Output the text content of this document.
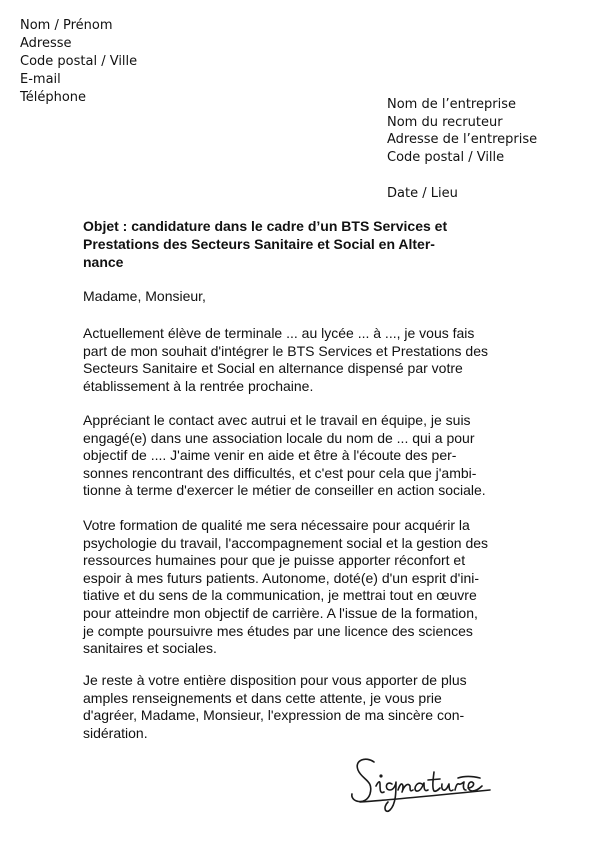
Nom / Prénom
Adresse
Code postal / Ville
E-mail
Téléphone	Nom de l’entreprise
Nom du recruteur
Adresse de l’entreprise
Code postal / Ville
Date / Lieu
Objet : candidature dans le cadre d’un BTS Services et
Prestations des Secteurs Sanitaire et Social en Alter-
nance
Madame, Monsieur,
Actuellement élève de terminale ... au lycée ... à ..., je vous fais
part de mon souhait d'intégrer le BTS Services et Prestations des
Secteurs Sanitaire et Social en alternance dispensé par votre
établissement à la rentrée prochaine.
Appréciant le contact avec autrui et le travail en équipe, je suis
engagé(e) dans une association locale du nom de ... qui a pour
objectif de .... J'aime venir en aide et être à l'écoute des per-
sonnes rencontrant des difficultés, et c'est pour cela que j'ambi-
tionne à terme d'exercer le métier de conseiller en action sociale.
Votre formation de qualité me sera nécessaire pour acquérir la
psychologie du travail, l'accompagnement social et la gestion des
ressources humaines pour que je puisse apporter réconfort et
espoir à mes futurs patients. Autonome, doté(e) d'un esprit d'ini-
tiative et du sens de la communication, je mettrai tout en œuvre
pour atteindre mon objectif de carrière. A l'issue de la formation,
je compte poursuivre mes études par une licence des sciences
sanitaires et sociales.
Je reste à votre entière disposition pour vous apporter de plus
amples renseignements et dans cette attente, je vous prie
d'agréer, Madame, Monsieur, l'expression de ma sincère con-
sidération.
